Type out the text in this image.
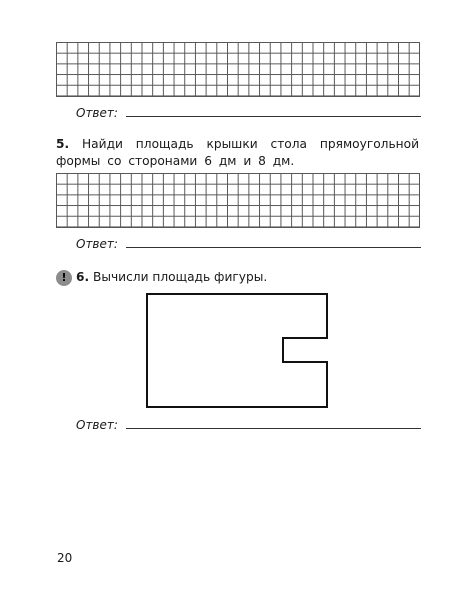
Ответ :
5. Найди площадь крышки стола прямоугольной формы со сторонами 6 дм и 8 дм.
Ответ :
! 6. Вычисли площадь фигуры.
Ответ :
20
